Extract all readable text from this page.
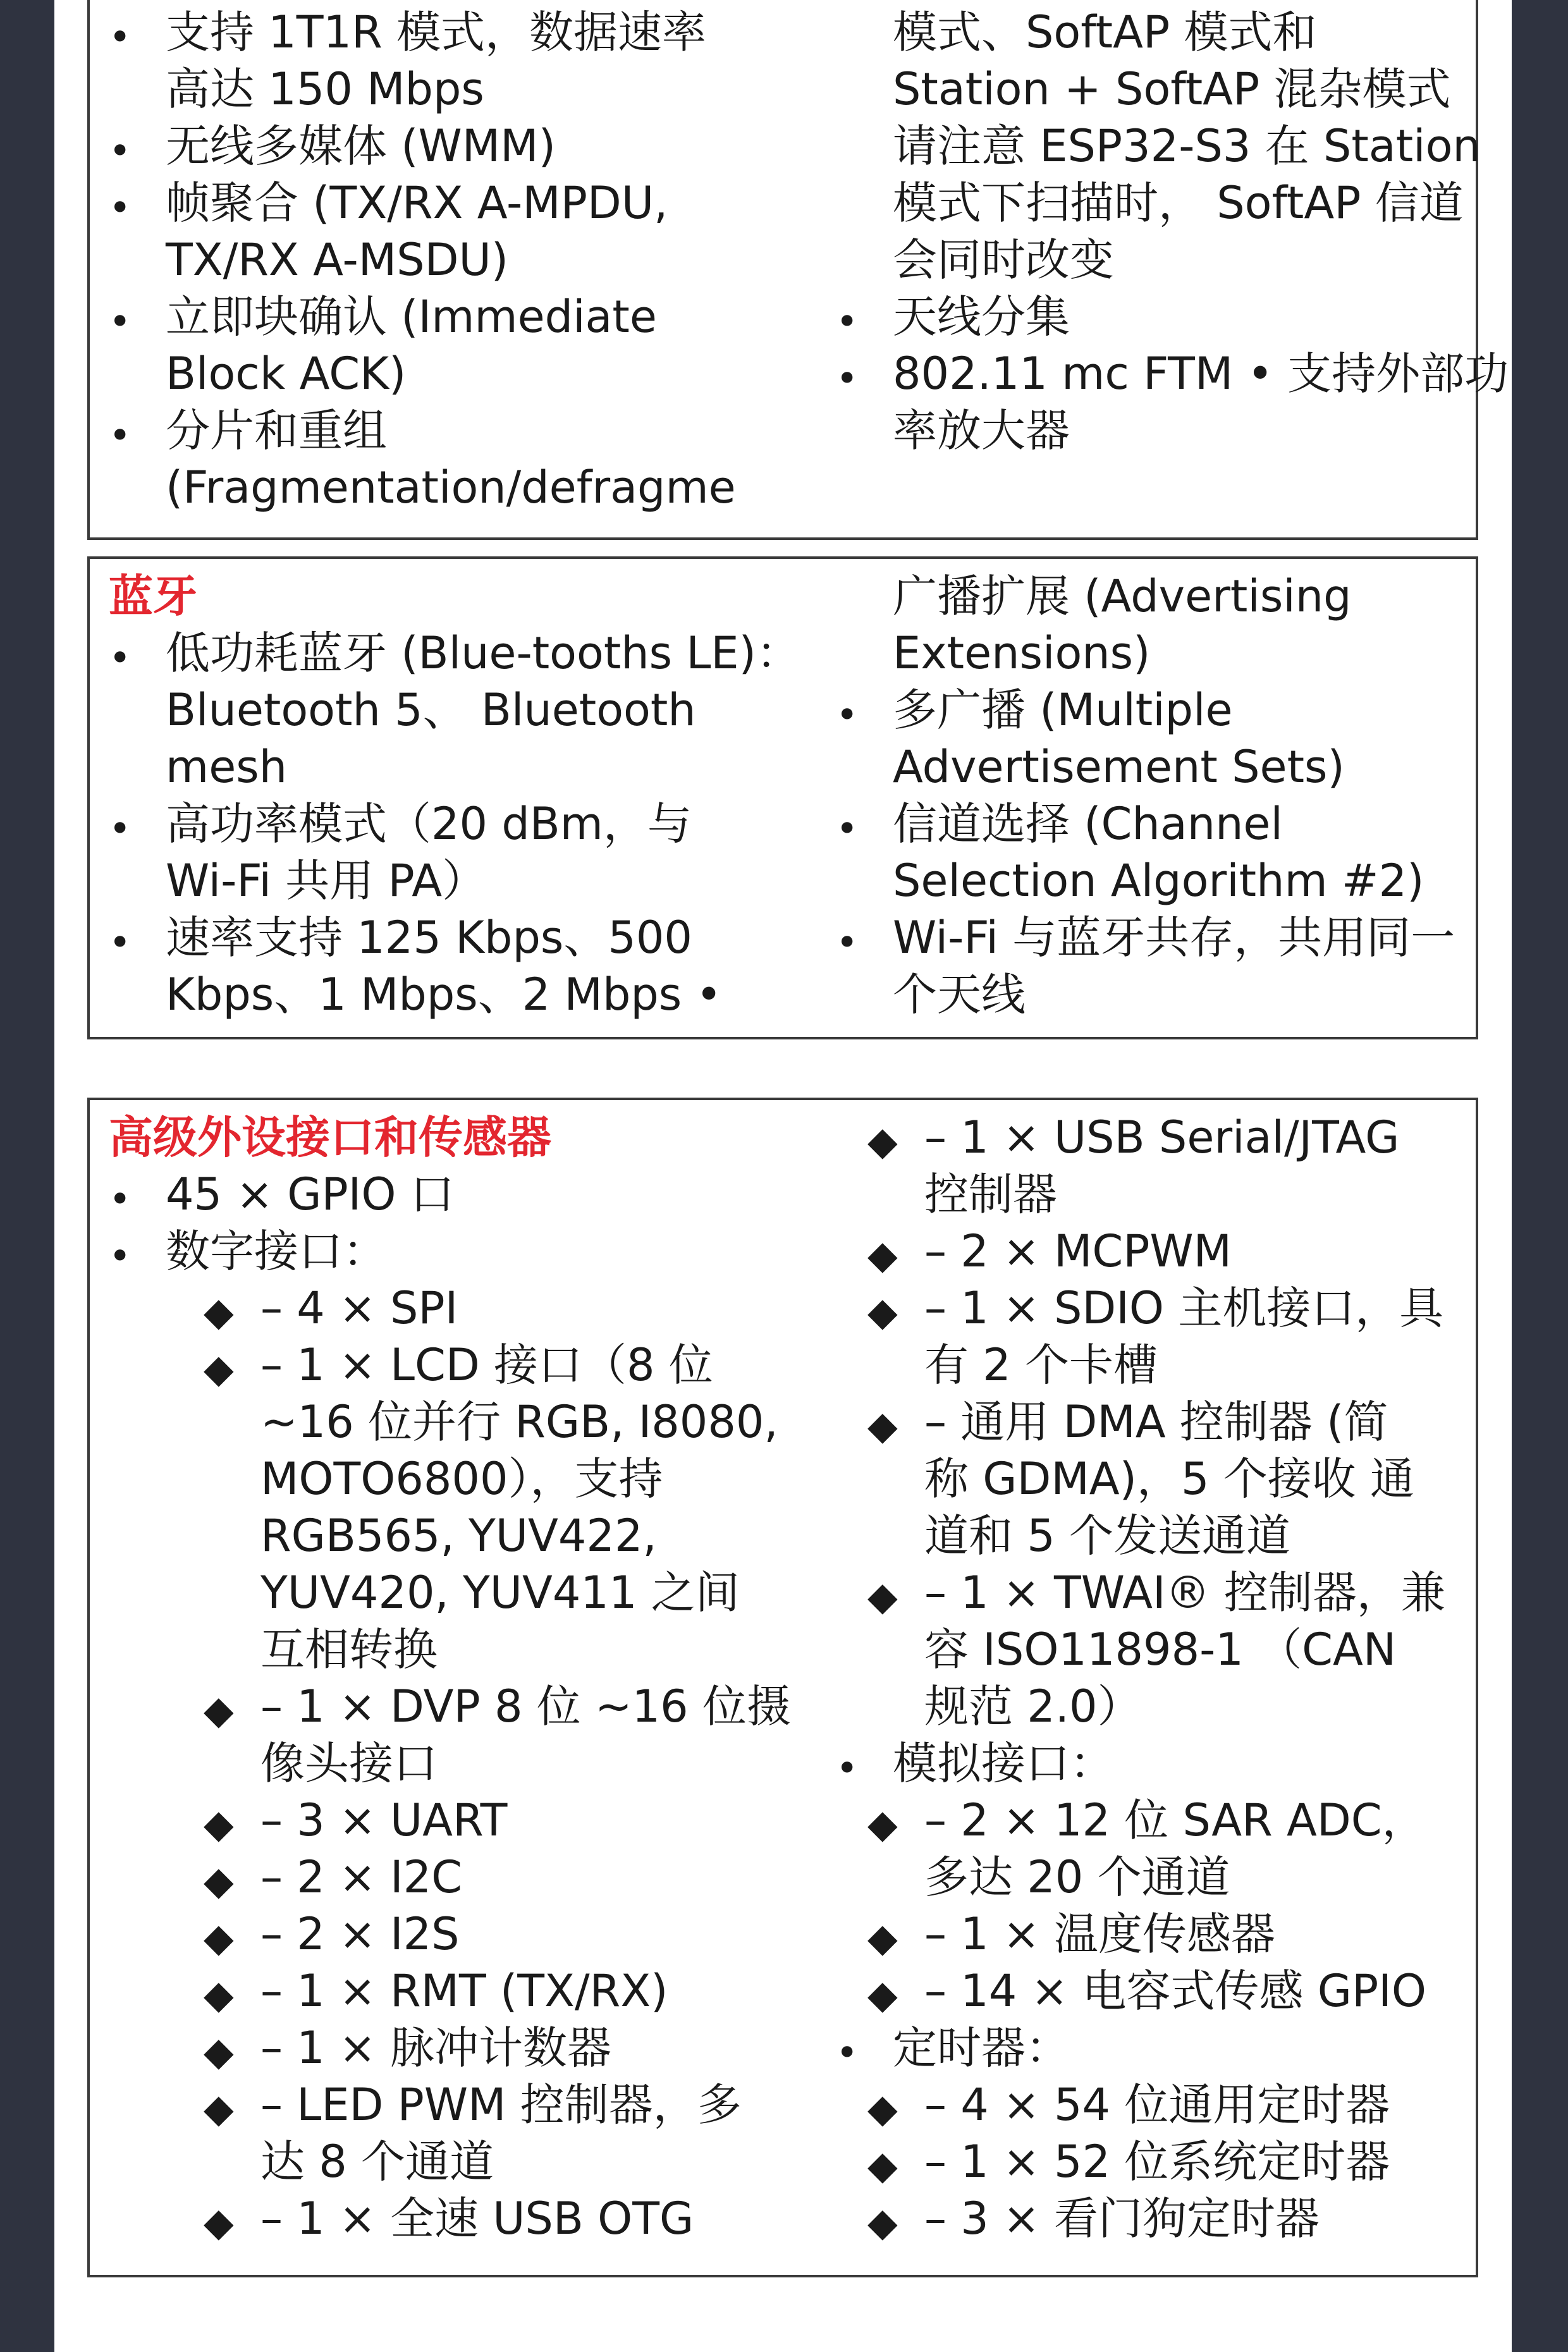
• 支持 1T1R 模式，数据速率
高达 150 Mbps
• 无线多媒体 (WMM)
• 帧聚合 (TX/RX A-MPDU,
TX/RX A-MSDU)
• 立即块确认 (Immediate
Block ACK)
• 分片和重组
(Fragmentation/defragme
模式、SoftAP 模式和
Station + SoftAP 混杂模式
请注意 ESP32-S3 在 Station
模式下扫描时， SoftAP 信道
会同时改变
• 天线分集
• 802.11 mc FTM • 支持外部功
率放大器
蓝牙
• 低功耗蓝牙 (Blue-tooths LE)：
Bluetooth 5、 Bluetooth
mesh
• 高功率模式（20 dBm，与
Wi-Fi 共用 PA）
• 速率支持 125 Kbps、500
Kbps、1 Mbps、2 Mbps •
广播扩展 (Advertising
Extensions)
• 多广播 (Multiple
Advertisement Sets)
• 信道选择 (Channel
Selection Algorithm #2)
• Wi-Fi 与蓝牙共存，共用同一
个天线
高级外设接口和传感器
• 45 × GPIO 口
• 数字接口：
◆ – 4 × SPI
◆ – 1 × LCD 接口（8 位
~16 位并行 RGB, I8080,
MOTO6800），支持
RGB565, YUV422,
YUV420, YUV411 之间
互相转换
◆ – 1 × DVP 8 位 ~16 位摄
像头接口
◆ – 3 × UART
◆ – 2 × I2C
◆ – 2 × I2S
◆ – 1 × RMT (TX/RX)
◆ – 1 × 脉冲计数器
◆ – LED PWM 控制器，多
达 8 个通道
◆ – 1 × 全速 USB OTG
◆ – 1 × USB Serial/JTAG
控制器
◆ – 2 × MCPWM
◆ – 1 × SDIO 主机接口，具
有 2 个卡槽
◆ – 通用 DMA 控制器 (简
称 GDMA)，5 个接收 通
道和 5 个发送通道
◆ – 1 × TWAI® 控制器，兼
容 ISO11898-1 （CAN
规范 2.0）
• 模拟接口：
◆ – 2 × 12 位 SAR ADC，
多达 20 个通道
◆ – 1 × 温度传感器
◆ – 14 × 电容式传感 GPIO
• 定时器：
◆ – 4 × 54 位通用定时器
◆ – 1 × 52 位系统定时器
◆ – 3 × 看门狗定时器
